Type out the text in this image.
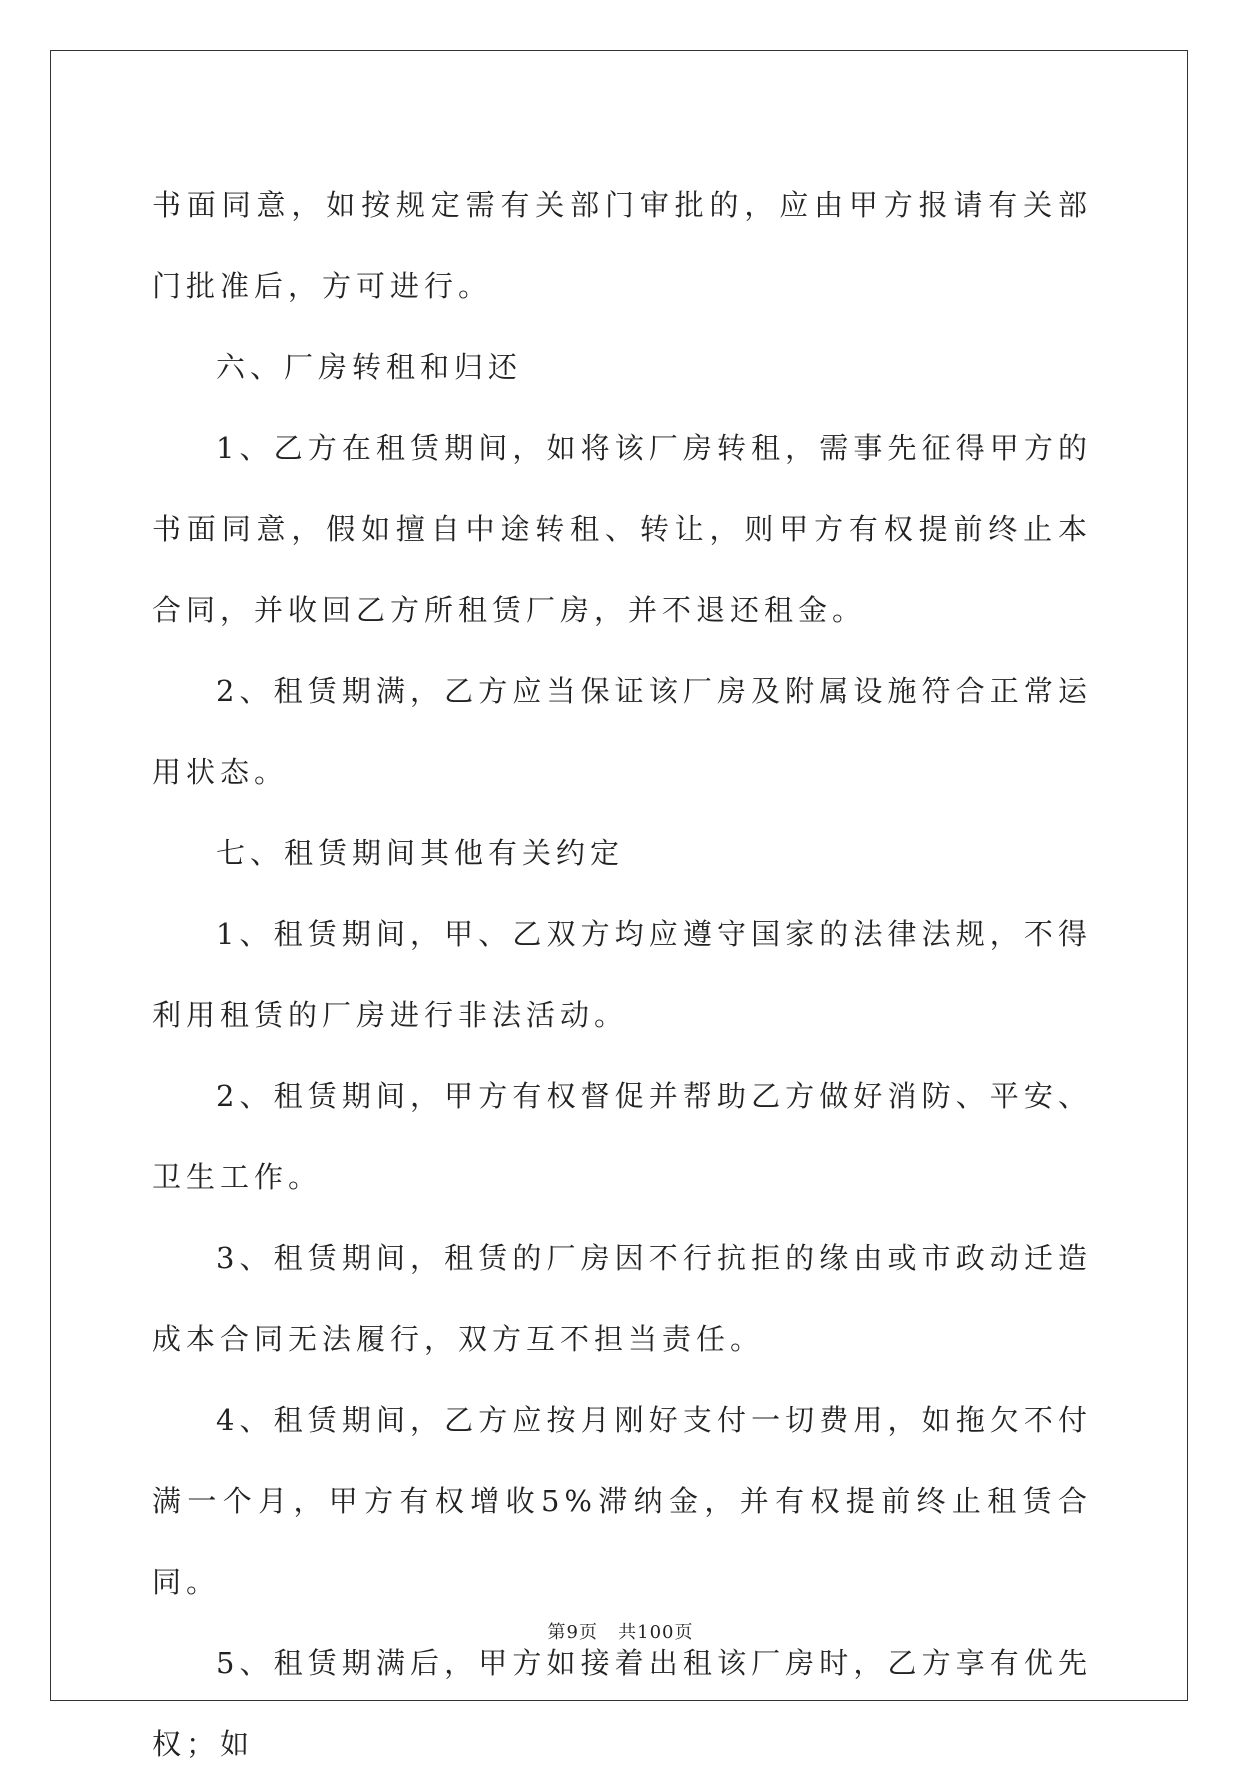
书面同意，如按规定需有关部门审批的，应由甲方报请有关部门批准后，方可进行。

六、厂房转租和归还

1、乙方在租赁期间，如将该厂房转租，需事先征得甲方的书面同意，假如擅自中途转租、转让，则甲方有权提前终止本合同，并收回乙方所租赁厂房，并不退还租金。

2、租赁期满，乙方应当保证该厂房及附属设施符合正常运用状态。

七、租赁期间其他有关约定

1、租赁期间，甲、乙双方均应遵守国家的法律法规，不得利用租赁的厂房进行非法活动。

2、租赁期间，甲方有权督促并帮助乙方做好消防、平安、卫生工作。

3、租赁期间，租赁的厂房因不行抗拒的缘由或市政动迁造成本合同无法履行，双方互不担当责任。

4、租赁期间，乙方应按月刚好支付一切费用，如拖欠不付满一个月，甲方有权增收5%滞纳金，并有权提前终止租赁合同。

5、租赁期满后，甲方如接着出租该厂房时，乙方享有优先权；如

第9页   共100页
